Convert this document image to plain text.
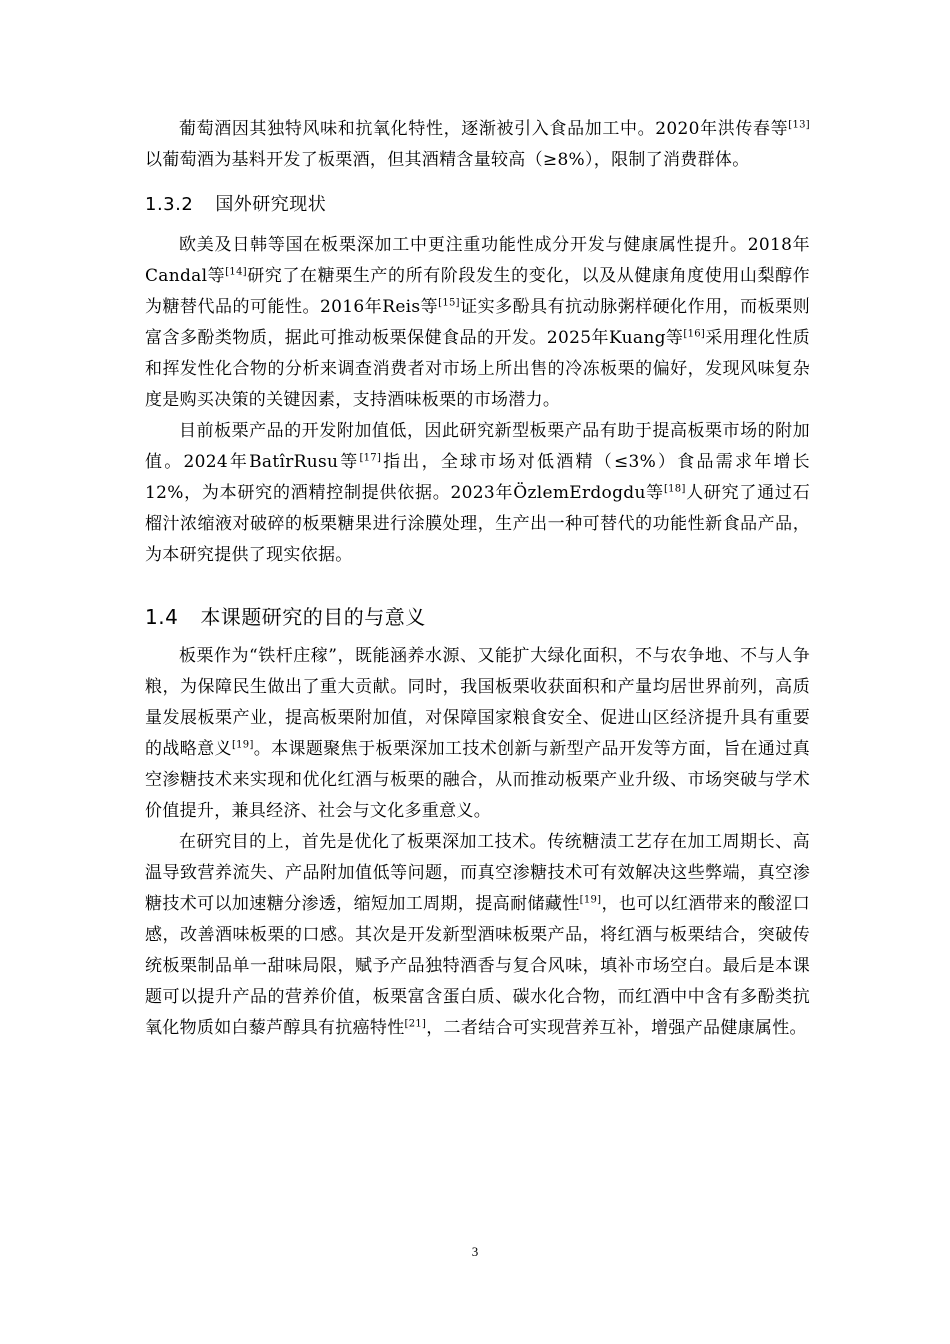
葡萄酒因其独特风味和抗氧化特性，逐渐被引入食品加工中。2020年洪传春等[13]以葡萄酒为基料开发了板栗酒，但其酒精含量较高（≥8%），限制了消费群体。

1.3.2 国外研究现状

欧美及日韩等国在板栗深加工中更注重功能性成分开发与健康属性提升。2018年Candal等[14]研究了在糖栗生产的所有阶段发生的变化，以及从健康角度使用山梨醇作为糖替代品的可能性。2016年Reis等[15]证实多酚具有抗动脉粥样硬化作用，而板栗则富含多酚类物质，据此可推动板栗保健食品的开发。2025年Kuang等[16]采用理化性质和挥发性化合物的分析来调查消费者对市场上所出售的冷冻板栗的偏好，发现风味复杂度是购买决策的关键因素，支持酒味板栗的市场潜力。

目前板栗产品的开发附加值低，因此研究新型板栗产品有助于提高板栗市场的附加值。2024年BatîrRusu等[17]指出，全球市场对低酒精（≤3%）食品需求年增长12%，为本研究的酒精控制提供依据。2023年ÖzlemErdogdu等[18]人研究了通过石榴汁浓缩液对破碎的板栗糖果进行涂膜处理，生产出一种可替代的功能性新食品产品，为本研究提供了现实依据。

1.4 本课题研究的目的与意义

板栗作为“铁杆庄稼”，既能涵养水源、又能扩大绿化面积，不与农争地、不与人争粮，为保障民生做出了重大贡献。同时，我国板栗收获面积和产量均居世界前列，高质量发展板栗产业，提高板栗附加值，对保障国家粮食安全、促进山区经济提升具有重要的战略意义[19]。本课题聚焦于板栗深加工技术创新与新型产品开发等方面，旨在通过真空渗糖技术来实现和优化红酒与板栗的融合，从而推动板栗产业升级、市场突破与学术价值提升，兼具经济、社会与文化多重意义。

在研究目的上，首先是优化了板栗深加工技术。传统糖渍工艺存在加工周期长、高温导致营养流失、产品附加值低等问题，而真空渗糖技术可有效解决这些弊端，真空渗糖技术可以加速糖分渗透，缩短加工周期，提高耐储藏性[19]，也可以红酒带来的酸涩口感，改善酒味板栗的口感。其次是开发新型酒味板栗产品，将红酒与板栗结合，突破传统板栗制品单一甜味局限，赋予产品独特酒香与复合风味，填补市场空白。最后是本课题可以提升产品的营养价值，板栗富含蛋白质、碳水化合物，而红酒中中含有多酚类抗氧化物质如白藜芦醇具有抗癌特性[21]，二者结合可实现营养互补，增强产品健康属性。

3
